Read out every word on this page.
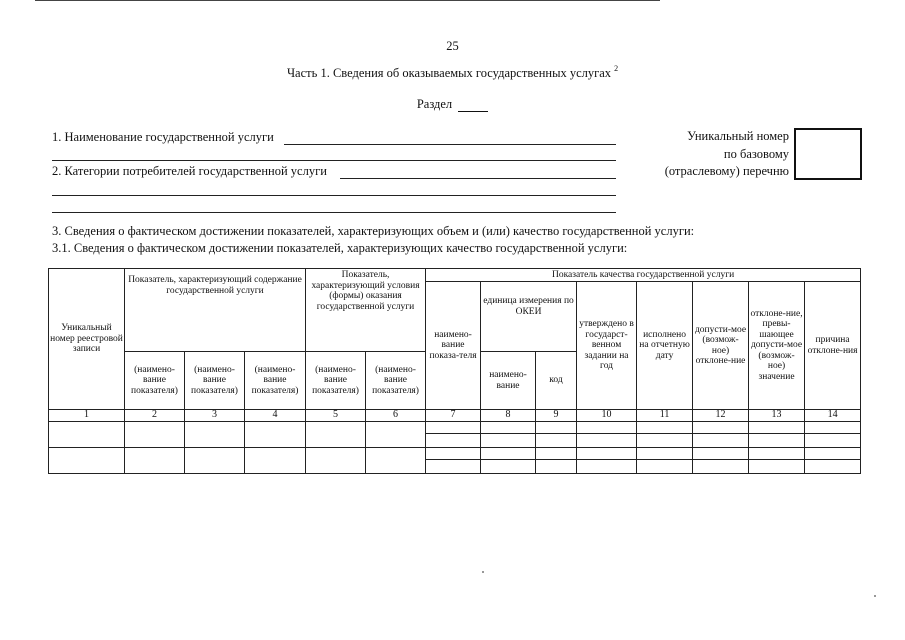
25
Часть 1. Сведения об оказываемых государственных услугах $^2$
Раздел
1. Наименование государственной услуги
2. Категории потребителей государственной услуги
Уникальный номер
по базовому
(отраслевому) перечню
3. Сведения о фактическом достижении показателей, характеризующих объем и (или) качество государственной услуги:
3.1. Сведения о фактическом достижении показателей, характеризующих качество государственной услуги:
Уникальный номер реестровой записи	Показатель, характеризующий содержание государственной услуги			Показатель, характеризующий условия (формы) оказания государственной услуги		Показатель качества государственной услуги							
						наимено-вание показа-теля	единица измерения по ОКЕИ		утверждено в государст-венном задании на год	исполнено на отчетную дату	допусти-мое (возмож-ное) отклоне-ние	отклоне-ние, превы-шающее допусти-мое (возмож-ное) значение	причина отклоне-ния
	(наимено-вание показателя)	(наимено-вание показателя)	(наимено-вание показателя)	(наимено-вание показателя)	(наимено-вание показателя)		наимено-вание	код					
1	2	3	4	5	6	7	8	9	10	11	12	13	14
